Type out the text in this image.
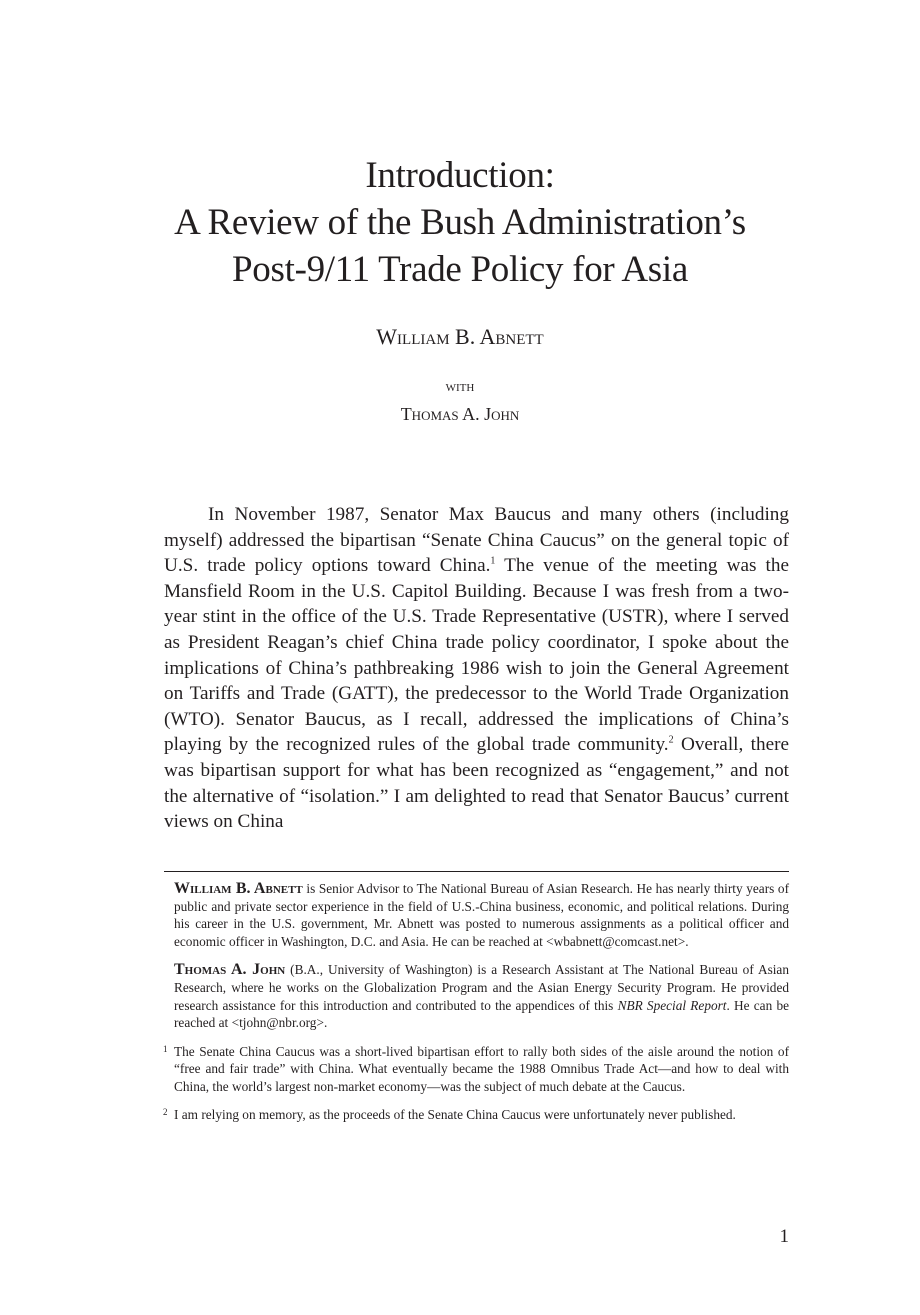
Introduction:
A Review of the Bush Administration’s
Post-9/11 Trade Policy for Asia

William B. Abnett

with

Thomas A. John

In November 1987, Senator Max Baucus and many others (including myself) addressed the bipartisan “Senate China Caucus” on the general topic of U.S. trade policy options toward China.$^1$ The venue of the meeting was the Mansfield Room in the U.S. Capitol Building. Because I was fresh from a two-year stint in the office of the U.S. Trade Representative (USTR), where I served as President Reagan’s chief China trade policy coordinator, I spoke about the implications of China’s pathbreaking 1986 wish to join the General Agreement on Tariffs and Trade (GATT), the predecessor to the World Trade Organization (WTO). Senator Baucus, as I recall, addressed the implications of China’s playing by the recognized rules of the global trade community.$^2$ Overall, there was bipartisan support for what has been recognized as “engagement,” and not the alternative of “isolation.” I am delighted to read that Senator Baucus’ current views on China

William B. Abnett is Senior Advisor to The National Bureau of Asian Research. He has nearly thirty years of public and private sector experience in the field of U.S.-China business, economic, and political relations. During his career in the U.S. government, Mr. Abnett was posted to numerous assignments as a political officer and economic officer in Washington, D.C. and Asia. He can be reached at <wbabnett@comcast.net>.

Thomas A. John (B.A., University of Washington) is a Research Assistant at The National Bureau of Asian Research, where he works on the Globalization Program and the Asian Energy Security Program. He provided research assistance for this introduction and contributed to the appendices of this NBR Special Report. He can be reached at <tjohn@nbr.org>.

1 The Senate China Caucus was a short-lived bipartisan effort to rally both sides of the aisle around the notion of “free and fair trade” with China. What eventually became the 1988 Omnibus Trade Act—and how to deal with China, the world’s largest non-market economy—was the subject of much debate at the Caucus.

2 I am relying on memory, as the proceeds of the Senate China Caucus were unfortunately never published.

1
